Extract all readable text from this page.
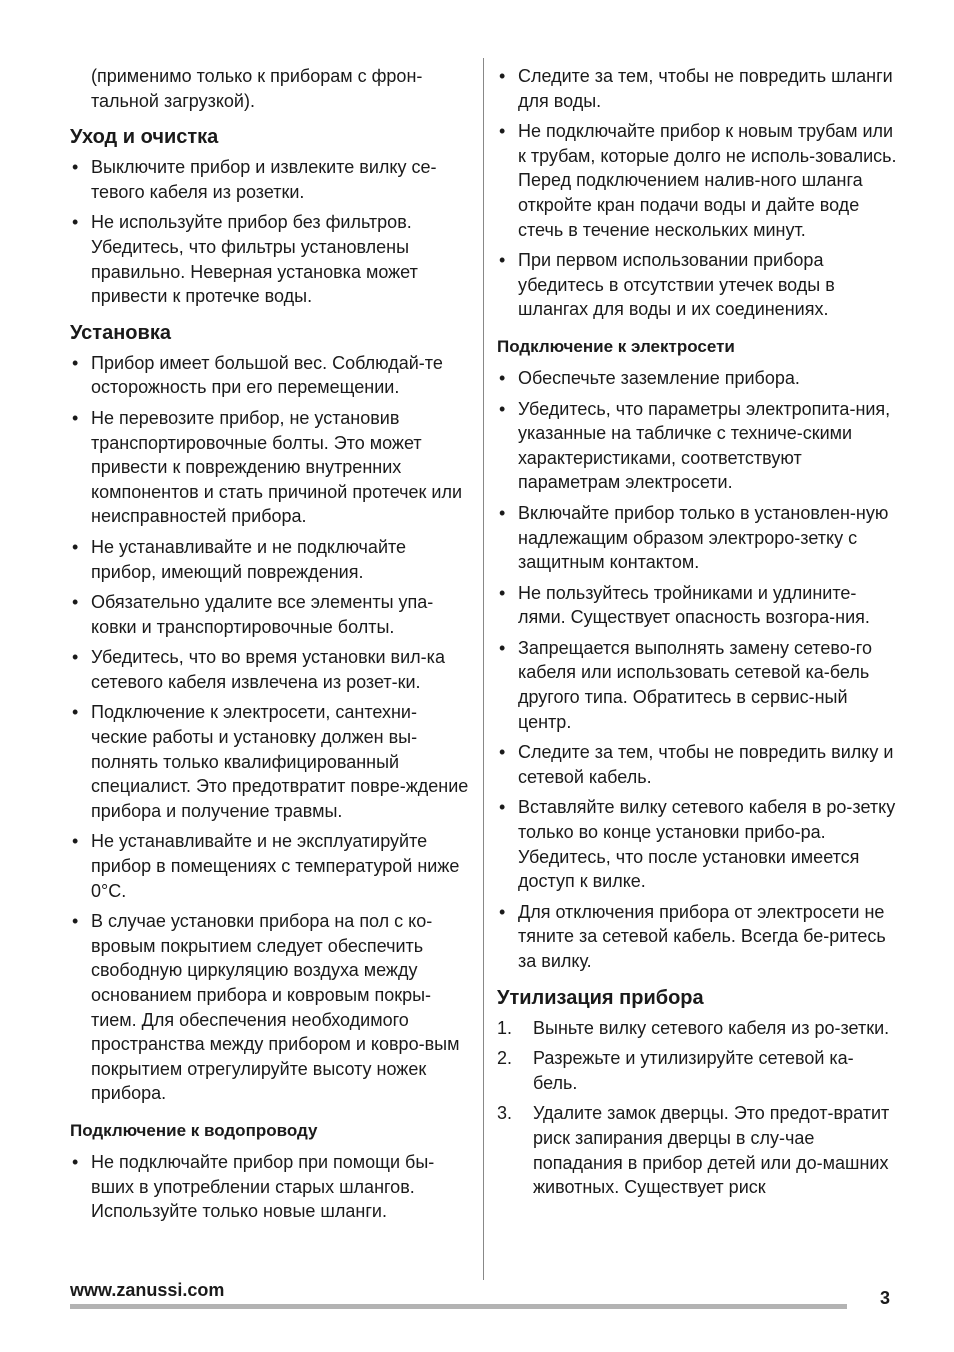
(применимо только к приборам с фрон-тальной загрузкой).

Уход и очистка
• Выключите прибор и извлеките вилку се-тевого кабеля из розетки.
• Не используйте прибор без фильтров. Убедитесь, что фильтры установлены правильно. Неверная установка может привести к протечке воды.
Установка
• Прибор имеет большой вес. Соблюдай-те осторожность при его перемещении.
• Не перевозите прибор, не установив транспортировочные болты. Это может привести к повреждению внутренних компонентов и стать причиной протечек или неисправностей прибора.
• Не устанавливайте и не подключайте прибор, имеющий повреждения.
• Обязательно удалите все элементы упа-ковки и транспортировочные болты.
• Убедитесь, что во время установки вил-ка сетевого кабеля извлечена из розет-ки.
• Подключение к электросети, сантехни-ческие работы и установку должен вы-полнять только квалифицированный специалист. Это предотвратит повре-ждение прибора и получение травмы.
• Не устанавливайте и не эксплуатируйте прибор в помещениях с температурой ниже 0°C.
• В случае установки прибора на пол с ко-вровым покрытием следует обеспечить свободную циркуляцию воздуха между основанием прибора и ковровым покры-тием. Для обеспечения необходимого пространства между прибором и ковро-вым покрытием отрегулируйте высоту ножек прибора.
Подключение к водопроводу
• Не подключайте прибор при помощи бы-вших в употреблении старых шлангов. Используйте только новые шланги.
• Следите за тем, чтобы не повредить шланги для воды.
• Не подключайте прибор к новым трубам или к трубам, которые долго не исполь-зовались. Перед подключением налив-ного шланга откройте кран подачи воды и дайте воде стечь в течение нескольких минут.
• При первом использовании прибора убедитесь в отсутствии утечек воды в шлангах для воды и их соединениях.
Подключение к электросети
• Обеспечьте заземление прибора.
• Убедитесь, что параметры электропита-ния, указанные на табличке с техниче-скими характеристиками, соответствуют параметрам электросети.
• Включайте прибор только в установлен-ную надлежащим образом электроро-зетку с защитным контактом.
• Не пользуйтесь тройниками и удлините-лями. Существует опасность возгора-ния.
• Запрещается выполнять замену сетево-го кабеля или использовать сетевой ка-бель другого типа. Обратитесь в сервис-ный центр.
• Следите за тем, чтобы не повредить вилку и сетевой кабель.
• Вставляйте вилку сетевого кабеля в ро-зетку только во конце установки прибо-ра. Убедитесь, что после установки имеется доступ к вилке.
• Для отключения прибора от электросети не тяните за сетевой кабель. Всегда бе-ритесь за вилку.
Утилизация прибора
1. Выньте вилку сетевого кабеля из ро-зетки.
2. Разрежьте и утилизируйте сетевой ка-бель.
3. Удалите замок дверцы. Это предот-вратит риск запирания дверцы в слу-чае попадания в прибор детей или до-машних животных. Существует риск
www.zanussi.com	3
